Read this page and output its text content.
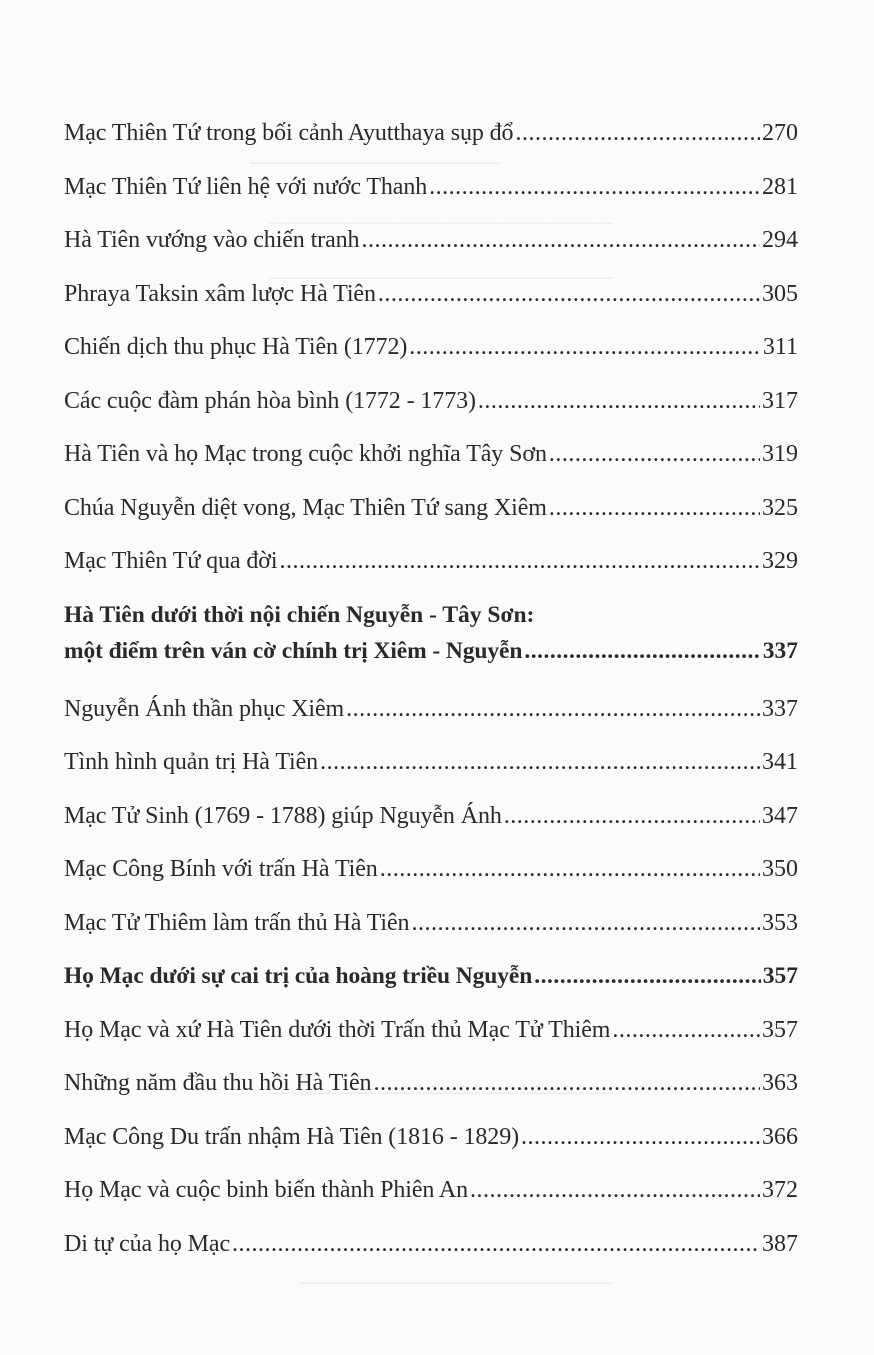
────────────────
──────────────────────
──────────────────────
──────────────────────
────────────────────
Mạc Thiên Tứ trong bối cảnh Ayutthaya sụp đổ .....	270
Mạc Thiên Tứ liên hệ với nước Thanh .....	281
Hà Tiên vướng vào chiến tranh .....	294
Phraya Taksin xâm lược Hà Tiên .....	305
Chiến dịch thu phục Hà Tiên (1772) .....	311
Các cuộc đàm phán hòa bình (1772 - 1773) .....	317
Hà Tiên và họ Mạc trong cuộc khởi nghĩa Tây Sơn .....	319
Chúa Nguyễn diệt vong, Mạc Thiên Tứ sang Xiêm .....	325
Mạc Thiên Tứ qua đời .....	329
Hà Tiên dưới thời nội chiến Nguyễn - Tây Sơn:
một điểm trên ván cờ chính trị Xiêm - Nguyễn .....	337
Nguyễn Ánh thần phục Xiêm .....	337
Tình hình quản trị Hà Tiên .....	341
Mạc Tử Sinh (1769 - 1788) giúp Nguyễn Ánh .....	347
Mạc Công Bính với trấn Hà Tiên .....	350
Mạc Tử Thiêm làm trấn thủ Hà Tiên .....	353
Họ Mạc dưới sự cai trị của hoàng triều Nguyễn .....	357
Họ Mạc và xứ Hà Tiên dưới thời Trấn thủ Mạc Tử Thiêm .....	357
Những năm đầu thu hồi Hà Tiên .....	363
Mạc Công Du trấn nhậm Hà Tiên (1816 - 1829) .....	366
Họ Mạc và cuộc binh biến thành Phiên An .....	372
Di tự của họ Mạc .....	387
